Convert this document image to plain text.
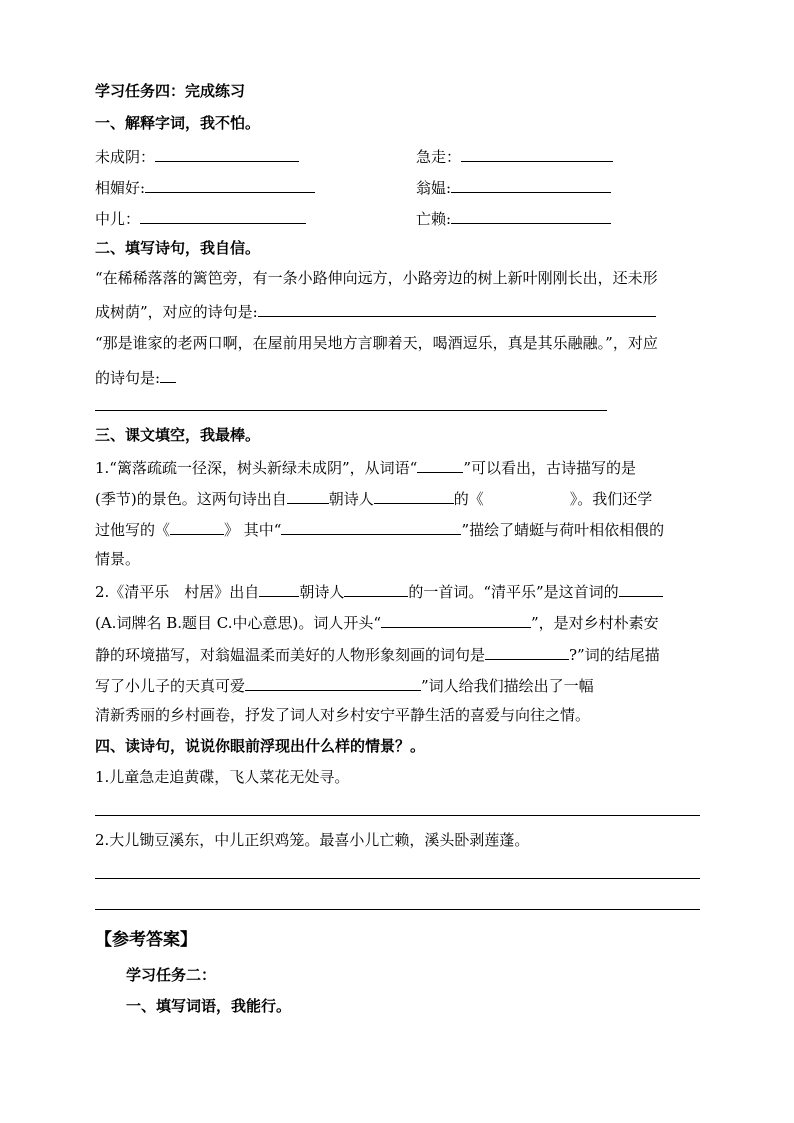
学习任务四：完成练习
一、解释字词，我不怕。
未成阴：	急走：
相媚好:	翁媪:
中儿：	亡赖:
二、填写诗句，我自信。
“在稀稀落落的篱笆旁，有一条小路伸向远方，小路旁边的树上新叶刚刚长出，还未形
成树荫”，对应的诗句是:
“那是谁家的老两口啊，在屋前用吴地方言聊着天，喝酒逗乐，真是其乐融融。”，对应
的诗句是:
三、课文填空，我最棒。
1.“篱落疏疏一径深，树头新绿未成阴”，从词语“	”可以看出，古诗描写的是
(季节)的景色。这两句诗出自	朝诗人	的《	》。我们还学
过他写的《	》 其中“	”描绘了蜻蜓与荷叶相依相偎的
情景。
2.《清平乐　村居》出自	朝诗人	的一首词。“清平乐”是这首词的
(A.词牌名 B.题目 C.中心意思)。词人开头“	”，是对乡村朴素安
静的环境描写，对翁媪温柔而美好的人物形象刻画的词句是	?”词的结尾描
写了小儿子的天真可爱	”词人给我们描绘出了一幅
清新秀丽的乡村画卷，抒发了词人对乡村安宁平静生活的喜爱与向往之情。
四、读诗句，说说你眼前浮现出什么样的情景？。
1.儿童急走追黄碟，飞人菜花无处寻。
2.大儿锄豆溪东，中儿正织鸡笼。最喜小儿亡赖，溪头卧剥莲蓬。
【参考答案】
学习任务二：
一、填写词语，我能行。
